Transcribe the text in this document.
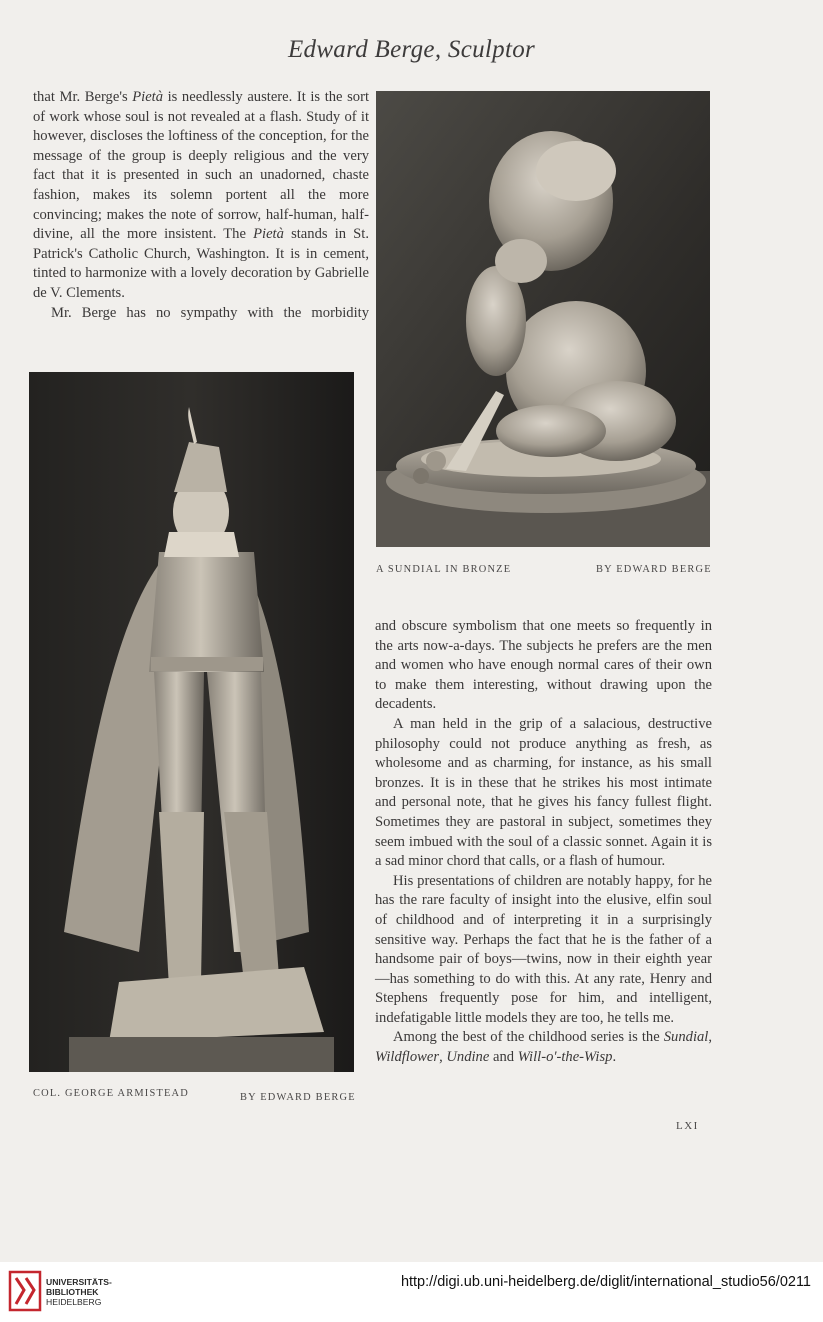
Edward Berge, Sculptor

that Mr. Berge's Pietà is needlessly austere. It is the sort of work whose soul is not revealed at a flash. Study of it however, discloses the loftiness of the conception, for the message of the group is deeply religious and the very fact that it is presented in such an unadorned, chaste fashion, makes its solemn portent all the more convincing; makes the note of sorrow, half-human, half-divine, all the more insistent. The Pietà stands in St. Patrick's Catholic Church, Washington. It is in cement, tinted to harmonize with a lovely decoration by Gabrielle de V. Clements.

Mr. Berge has no sympathy with the morbidity

A SUNDIAL IN BRONZE	BY EDWARD BERGE
COL. GEORGE ARMISTEAD	BY EDWARD BERGE

and obscure symbolism that one meets so frequently in the arts now-a-days. The subjects he prefers are the men and women who have enough normal cares of their own to make them interesting, without drawing upon the decadents.

A man held in the grip of a salacious, destructive philosophy could not produce anything as fresh, as wholesome and as charming, for instance, as his small bronzes. It is in these that he strikes his most intimate and personal note, that he gives his fancy fullest flight. Sometimes they are pastoral in subject, sometimes they seem imbued with the soul of a classic sonnet. Again it is a sad minor chord that calls, or a flash of humour.

His presentations of children are notably happy, for he has the rare faculty of insight into the elusive, elfin soul of childhood and of interpreting it in a surprisingly sensitive way. Perhaps the fact that he is the father of a handsome pair of boys—twins, now in their eighth year—has something to do with this. At any rate, Henry and Stephens frequently pose for him, and intelligent, indefatigable little models they are too, he tells me.

Among the best of the childhood series is the Sundial, Wildflower, Undine and Will-o'-the-Wisp.

LXI
UNIVERSITÄTS-
BIBLIOTHEK
HEIDELBERG
http://digi.ub.uni-heidelberg.de/diglit/international_studio56/0211
